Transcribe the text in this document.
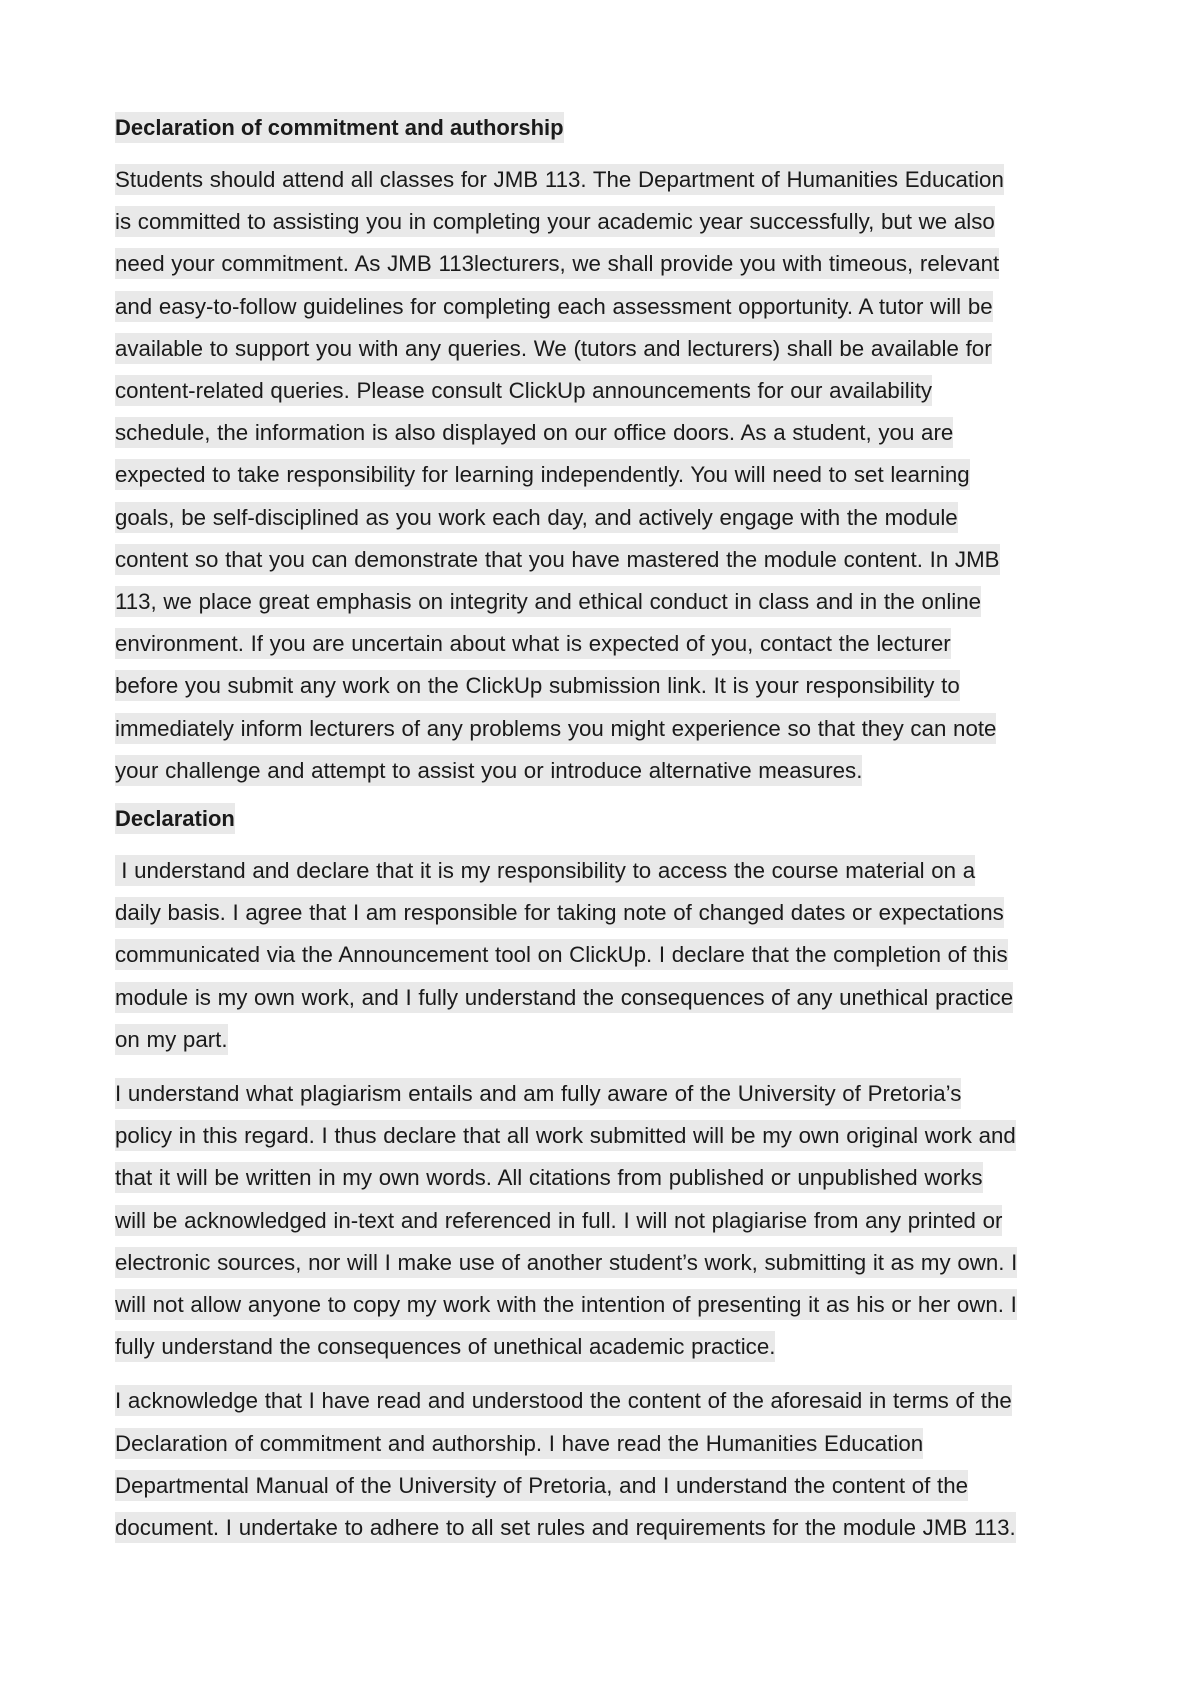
Declaration of commitment and authorship
Students should attend all classes for JMB 113. The Department of Humanities Education
is committed to assisting you in completing your academic year successfully, but we also
need your commitment. As JMB 113lecturers, we shall provide you with timeous, relevant
and easy-to-follow guidelines for completing each assessment opportunity. A tutor will be
available to support you with any queries. We (tutors and lecturers) shall be available for
content-related queries. Please consult ClickUp announcements for our availability
schedule, the information is also displayed on our office doors. As a student, you are
expected to take responsibility for learning independently. You will need to set learning
goals, be self-disciplined as you work each day, and actively engage with the module
content so that you can demonstrate that you have mastered the module content. In JMB
113, we place great emphasis on integrity and ethical conduct in class and in the online
environment. If you are uncertain about what is expected of you, contact the lecturer
before you submit any work on the ClickUp submission link. It is your responsibility to
immediately inform lecturers of any problems you might experience so that they can note
your challenge and attempt to assist you or introduce alternative measures.
Declaration
I understand and declare that it is my responsibility to access the course material on a
daily basis. I agree that I am responsible for taking note of changed dates or expectations
communicated via the Announcement tool on ClickUp. I declare that the completion of this
module is my own work, and I fully understand the consequences of any unethical practice
on my part.
I understand what plagiarism entails and am fully aware of the University of Pretoria’s
policy in this regard. I thus declare that all work submitted will be my own original work and
that it will be written in my own words. All citations from published or unpublished works
will be acknowledged in-text and referenced in full. I will not plagiarise from any printed or
electronic sources, nor will I make use of another student’s work, submitting it as my own. I
will not allow anyone to copy my work with the intention of presenting it as his or her own. I
fully understand the consequences of unethical academic practice.
I acknowledge that I have read and understood the content of the aforesaid in terms of the
Declaration of commitment and authorship. I have read the Humanities Education
Departmental Manual of the University of Pretoria, and I understand the content of the
document. I undertake to adhere to all set rules and requirements for the module JMB 113.
